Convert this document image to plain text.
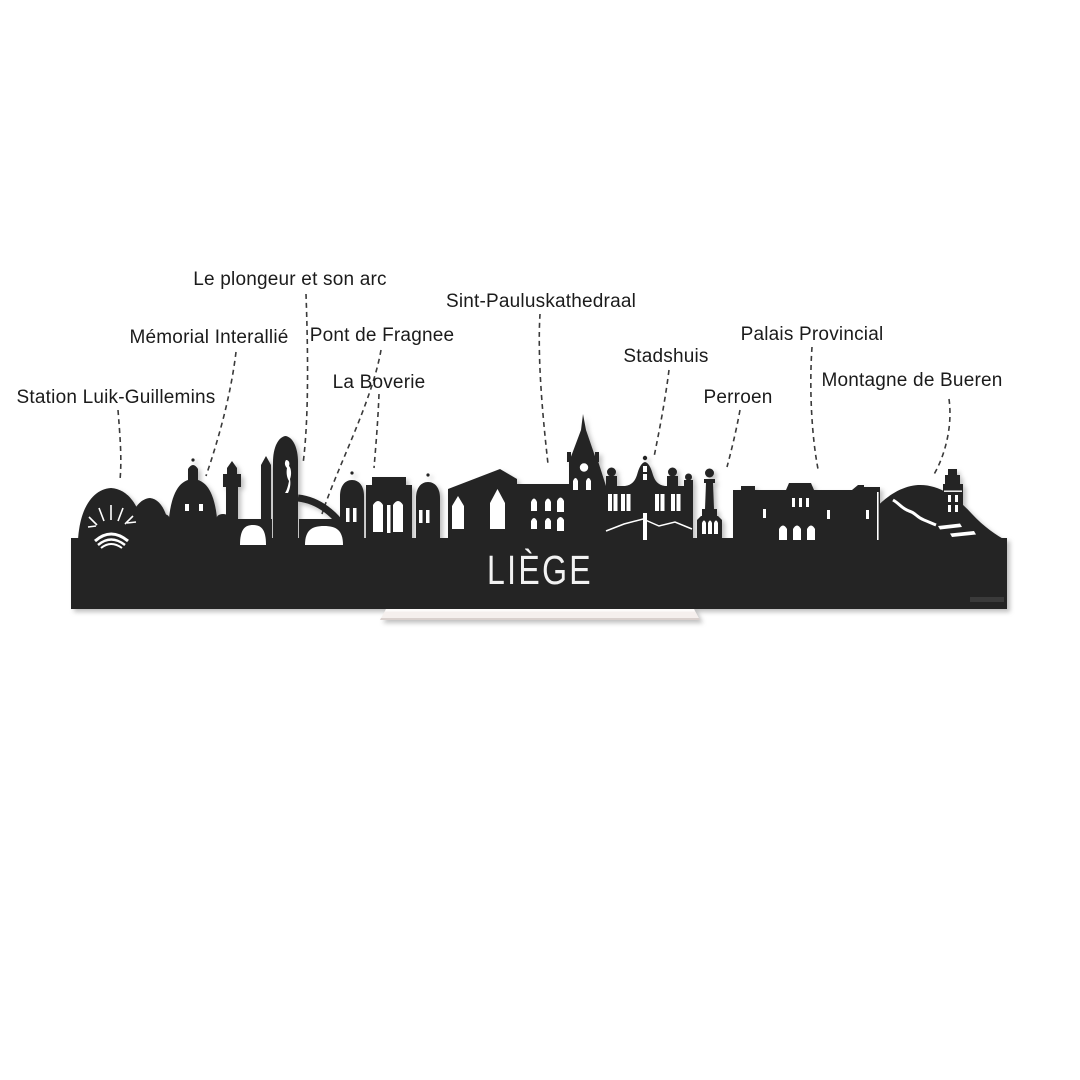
LIÈGE
Station Luik-Guillemins
Mémorial Interallié
Le plongeur et son arc
Pont de Fragnee
La Boverie
Sint-Pauluskathedraal
Stadshuis
Perroen
Palais Provincial
Montagne de Bueren
